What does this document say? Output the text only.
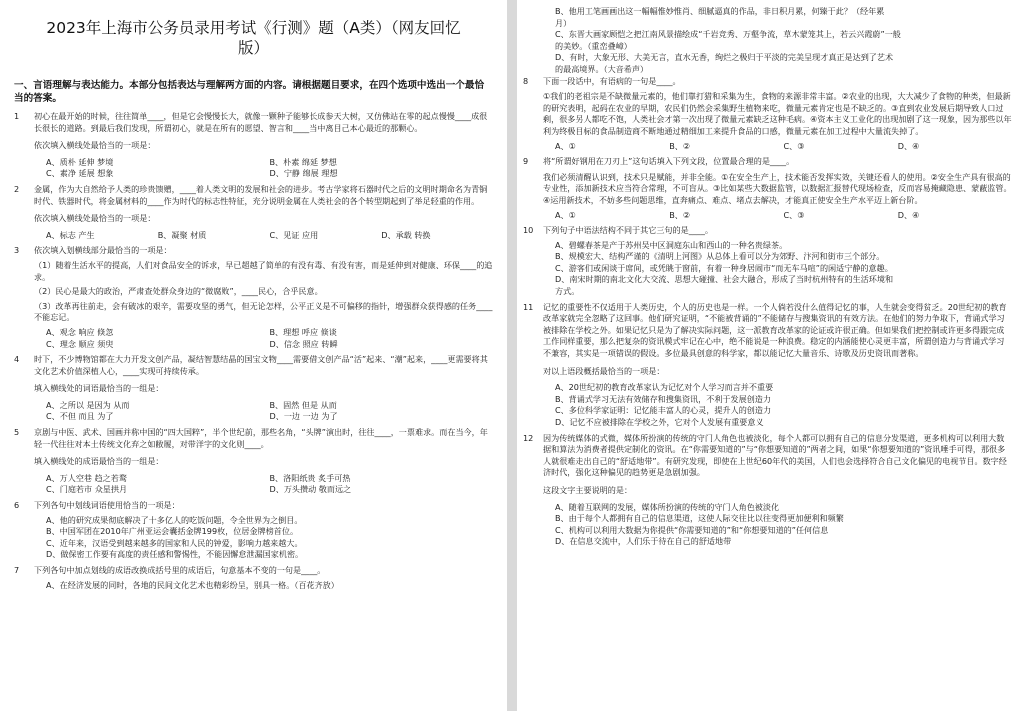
2023年上海市公务员录用考试《行测》题（A类）（网友回忆版）
一、言语理解与表达能力。本部分包括表达与理解两方面的内容。请根据题目要求，在四个选项中选出一个最恰当的答案。
1	初心在最开始的时候，往往简单____，但是它会慢慢长大，就像一颗种子能够长成参天大树，又仿佛站在零的起点慢慢____成很长很长的道路。到最后我们发现，所谓初心，就是在所有的愿望、智言和____当中离目己本心最近的那颗心。
依次填入横线处最恰当的一项是：
A、质朴 延伸 梦境	B、朴素 绵延 梦想
C、素净 延展 想象	D、宁静 绵展 理想
2	金属，作为大自然给予人类的珍贵馈赠，____着人类文明的发展和社会的进步。考古学家将石器时代之后的文明时期命名为青铜时代、铁器时代，将金属材料的____作为时代的标志性特征，充分说明金属在人类社会的各个转型期起到了举足轻重的作用。
依次填入横线处最恰当的一项是：
A、标志 产生	B、凝聚 材质	C、见证 应用	D、承载 转换
3	依次填入划横线部分最恰当的一项是：
（1）随着生活水平的提高，人们对食品安全的诉求，早已超越了简单的有没有毒、有没有害，而是延伸到对健康、环保____的追求。
（2）民心是最大的政治，严肃查处群众身边的“微腐败”，____民心，合乎民意。
（3）改革再往前走，会有破冰的艰辛，需要攻坚的勇气，但无论怎样，公平正义是不可偏移的指针，增强群众获得感的任务____不能忘记。
A、观念 响应 倏忽	B、理想 呼应 倏谈
C、理念 顺应 须臾	D、信念 照应 转瞬
4	时下，不少博物馆都在大力开发文创产品，凝结智慧结晶的国宝文物____需要借文创产品“活”起来、“潮”起来，____更需要将其文化艺术价值深植人心，____实现可持续传承。
填入横线处的词语最恰当的一组是：
A、之所以 是因为 从而	B、固然 但是 从而
C、不但 而且 为了	D、一边 一边 为了
5	京剧与中医、武术、国画并称中国的“四大国粹”，半个世纪前，那些名角，“头牌”演出时，往往____，一票难求。而在当今，年轻一代往往对本土传统文化弃之如敝履，对带洋字的文化则____。
填入横线处的成语最恰当的一组是：
A、万人空巷 趋之若鹜	B、洛阳纸贵 炙手可热
C、门庭若市 众星拱月	D、万头攒动 敬而远之
6	下列各句中划线词语使用恰当的一项是：
A、他的研究成果彻底解决了十多亿人的吃饭问题，令全世界为之倒目。
B、中国军团在2010年广州亚运会囊括金牌199枚，位居金牌榜首位。
C、近年来，汉语受到越来越多的国家和人民的钟爱，影响力越来越大。
D、做保密工作要有高度的责任感和警惕性，不能因懈怠泄漏国家机密。
7	下列各句中加点划线的成语改换成括号里的成语后，句意基本不变的一句是____。
A、在经济发展的同时，各地的民间文化艺术也精彩纷呈，别具一格。（百花齐放）
B、他用工笔画画出这一幅幅惟妙惟肖、细腻逼真的作品，非日积月累，何臻于此？（经年累
月）
C、东晋大画家顾恺之把江南风景描绘成“千岩竞秀、万壑争流，草木蒙笼其上，若云兴霞蔚”一般
的美妙。（重峦叠嶂）
D、有时，大象无形、大美无言，直水无香，绚烂之极归于平淡的完美呈现才真正是达到了艺术
的最高境界。（大音希声）
8	下面一段话中，有语病的一句是____。
①我们的老祖宗是不缺微量元素的，他们靠打猎和采集为生，食物的来源非常丰富。②农业的出现，大大减少了食物的种类，但最新的研究表明，起码在农业的早期，农民们仍然会采集野生植物来吃，微量元素肯定也是不缺乏的。③直到农业发展后期导致人口过剩，很多另人都吃不饱，人类社会才第一次出现了微量元素缺乏这种毛病。④资本主义工业化的出现加剧了这一现象，因为那些以年利为终极目标的食品制造商不断地通过精细加工来提升食品的口感，微量元素在加工过程中大量流失掉了。
A、①	B、②	C、③	D、④
9	将“所谓好钢用在刀刃上”这句话填入下列文段，位置最合理的是____。
我们必须清醒认识到，技术只是赋能，并非全能。①在安全生产上，技术能否发挥实效，关键还看人的使用。②安全生产具有很高的专业性，添加新技术应当符合常理，不可盲从。③比如某些大数据监管，以数据汇报替代现场检查，反而容易掩藏隐患、蒙蔽监管。④运用新技术，不妨多些问题思维，直奔痛点、难点、堵点去解决，才能真正使安全生产水平迈上新台阶。
A、①	B、②	C、③	D、④
10	下列句子中语法结构不同于其它三句的是____。
A、碧螺春茶是产于苏州吴中区洞庭东山和西山的一种名贵绿茶。
B、规模宏大、结构严谨的《清明上河图》从总体上看可以分为郊野、汴河和街市三个部分。
C、游客们或闲谈于席间，或凭眺于窗前，有着一种身居闹市“而无车马喧”的闲适宁静的意趣。
D、南宋时期的南北文化大交流、思想大碰撞、社会大融合，形成了当时杭州特有的生活环境和
方式。
11	记忆的重要性不仅适用于人类历史，个人的历史也是一样。一个人倘若没什么值得记忆的事，人生就会变得贫乏。20世纪初的教育改革家就完全忽略了这回事。他们研究证明，“不能被背诵的”不能储存与搜集资讯的有效方法。在他们的努力争取下，背诵式学习被排除在学校之外。如果记忆只是为了解决实际问题，这一派教育改革家的论证或许很正确。但如果我们把控制或许更多得跟完成工作同样重要，那么把复杂的资讯模式牢记在心中，绝不能说是一种浪费。稳定的内涵能使心灵更丰富，所谓创造力与背诵式学习不兼容，其实是一项错误的假设。多位最具创意的科学家，都以能记忆大量音乐、诗歌及历史资讯而著称。
对以上语段概括最恰当的一项是：
A、20世纪初的教育改革家认为记忆对个人学习而言并不重要
B、背诵式学习无法有效储存和搜集资讯，不利于发展创造力
C、多位科学家证明：记忆能丰富人的心灵，提升人的创造力
D、记忆不应被排除在学校之外，它对个人发展有重要意义
12	因为传统媒体的式微，媒体所扮演的传统的守门人角色也被淡化，每个人都可以拥有自己的信息分发渠道，更多机构可以利用大数据和算法为消费者提供定制化的资讯。在“你需要知道的”与“你想要知道的”两者之间，如果“你想要知道的”资讯唾手可得，那很多人就很难走出自己的“舒适地带”。有研究发现，即使在上世纪60年代的美国，人们也会选择符合自己文化偏见的电视节目。数字经济时代，强化这种偏见的趋势更是急剧加强。
这段文字主要说明的是：
A、随着互联网的发展，媒体所扮演的传统的守门人角色被淡化
B、由于每个人都拥有自己的信息渠道，这使人际交往比以往变得更加便利和频繁
C、机构可以利用大数据为你提供“你需要知道的”和“你想要知道的”任何信息
D、在信息交流中，人们乐于待在自己的舒适地带
